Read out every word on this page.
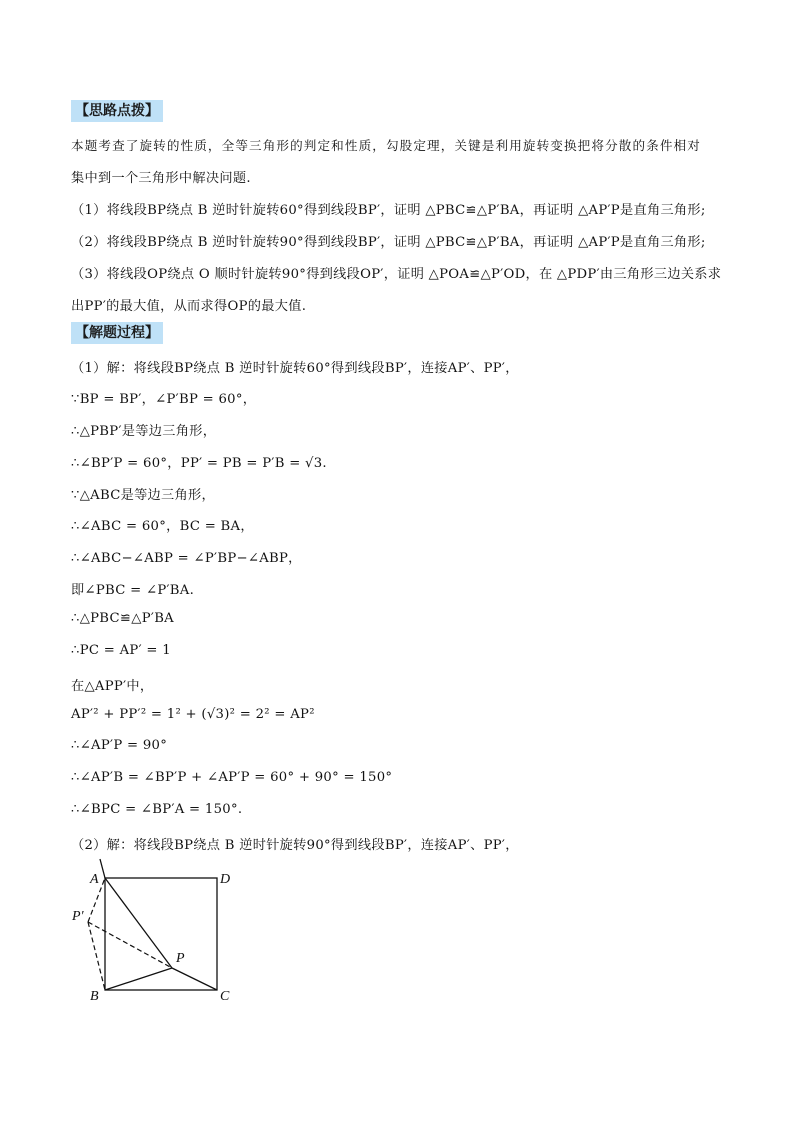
【思路点拨】
本题考查了旋转的性质，全等三角形的判定和性质，勾股定理，关键是利用旋转变换把将分散的条件相对
集中到一个三角形中解决问题.
（1）将线段BP绕点 B 逆时针旋转60°得到线段BP′，证明 △PBC≌△P′BA，再证明 △AP′P是直角三角形;
（2）将线段BP绕点 B 逆时针旋转90°得到线段BP′，证明 △PBC≌△P′BA，再证明 △AP′P是直角三角形;
（3）将线段OP绕点 O 顺时针旋转90°得到线段OP′，证明 △POA≌△P′OD，在 △PDP′由三角形三边关系求
出PP′的最大值，从而求得OP的最大值.
【解题过程】
（1）解：将线段BP绕点 B 逆时针旋转60°得到线段BP′，连接AP′、PP′，
∵BP = BP′，∠P′BP = 60°，
∴△PBP′是等边三角形，
∴∠BP′P = 60°，PP′ = PB = P′B = √3.
∵△ABC是等边三角形，
∴∠ABC = 60°，BC = BA，
∴∠ABC−∠ABP = ∠P′BP−∠ABP，
即∠PBC = ∠P′BA.
∴△PBC≌△P′BA
∴PC = AP′ = 1
在△APP′中，
AP′² + PP′² = 1² + (√3)² = 2² = AP²
∴∠AP′P = 90°
∴∠AP′B = ∠BP′P + ∠AP′P = 60° + 90° = 150°
∴∠BPC = ∠BP′A = 150°.
（2）解：将线段BP绕点 B 逆时针旋转90°得到线段BP′，连接AP′、PP′，
A	D
P′
P
B	C
